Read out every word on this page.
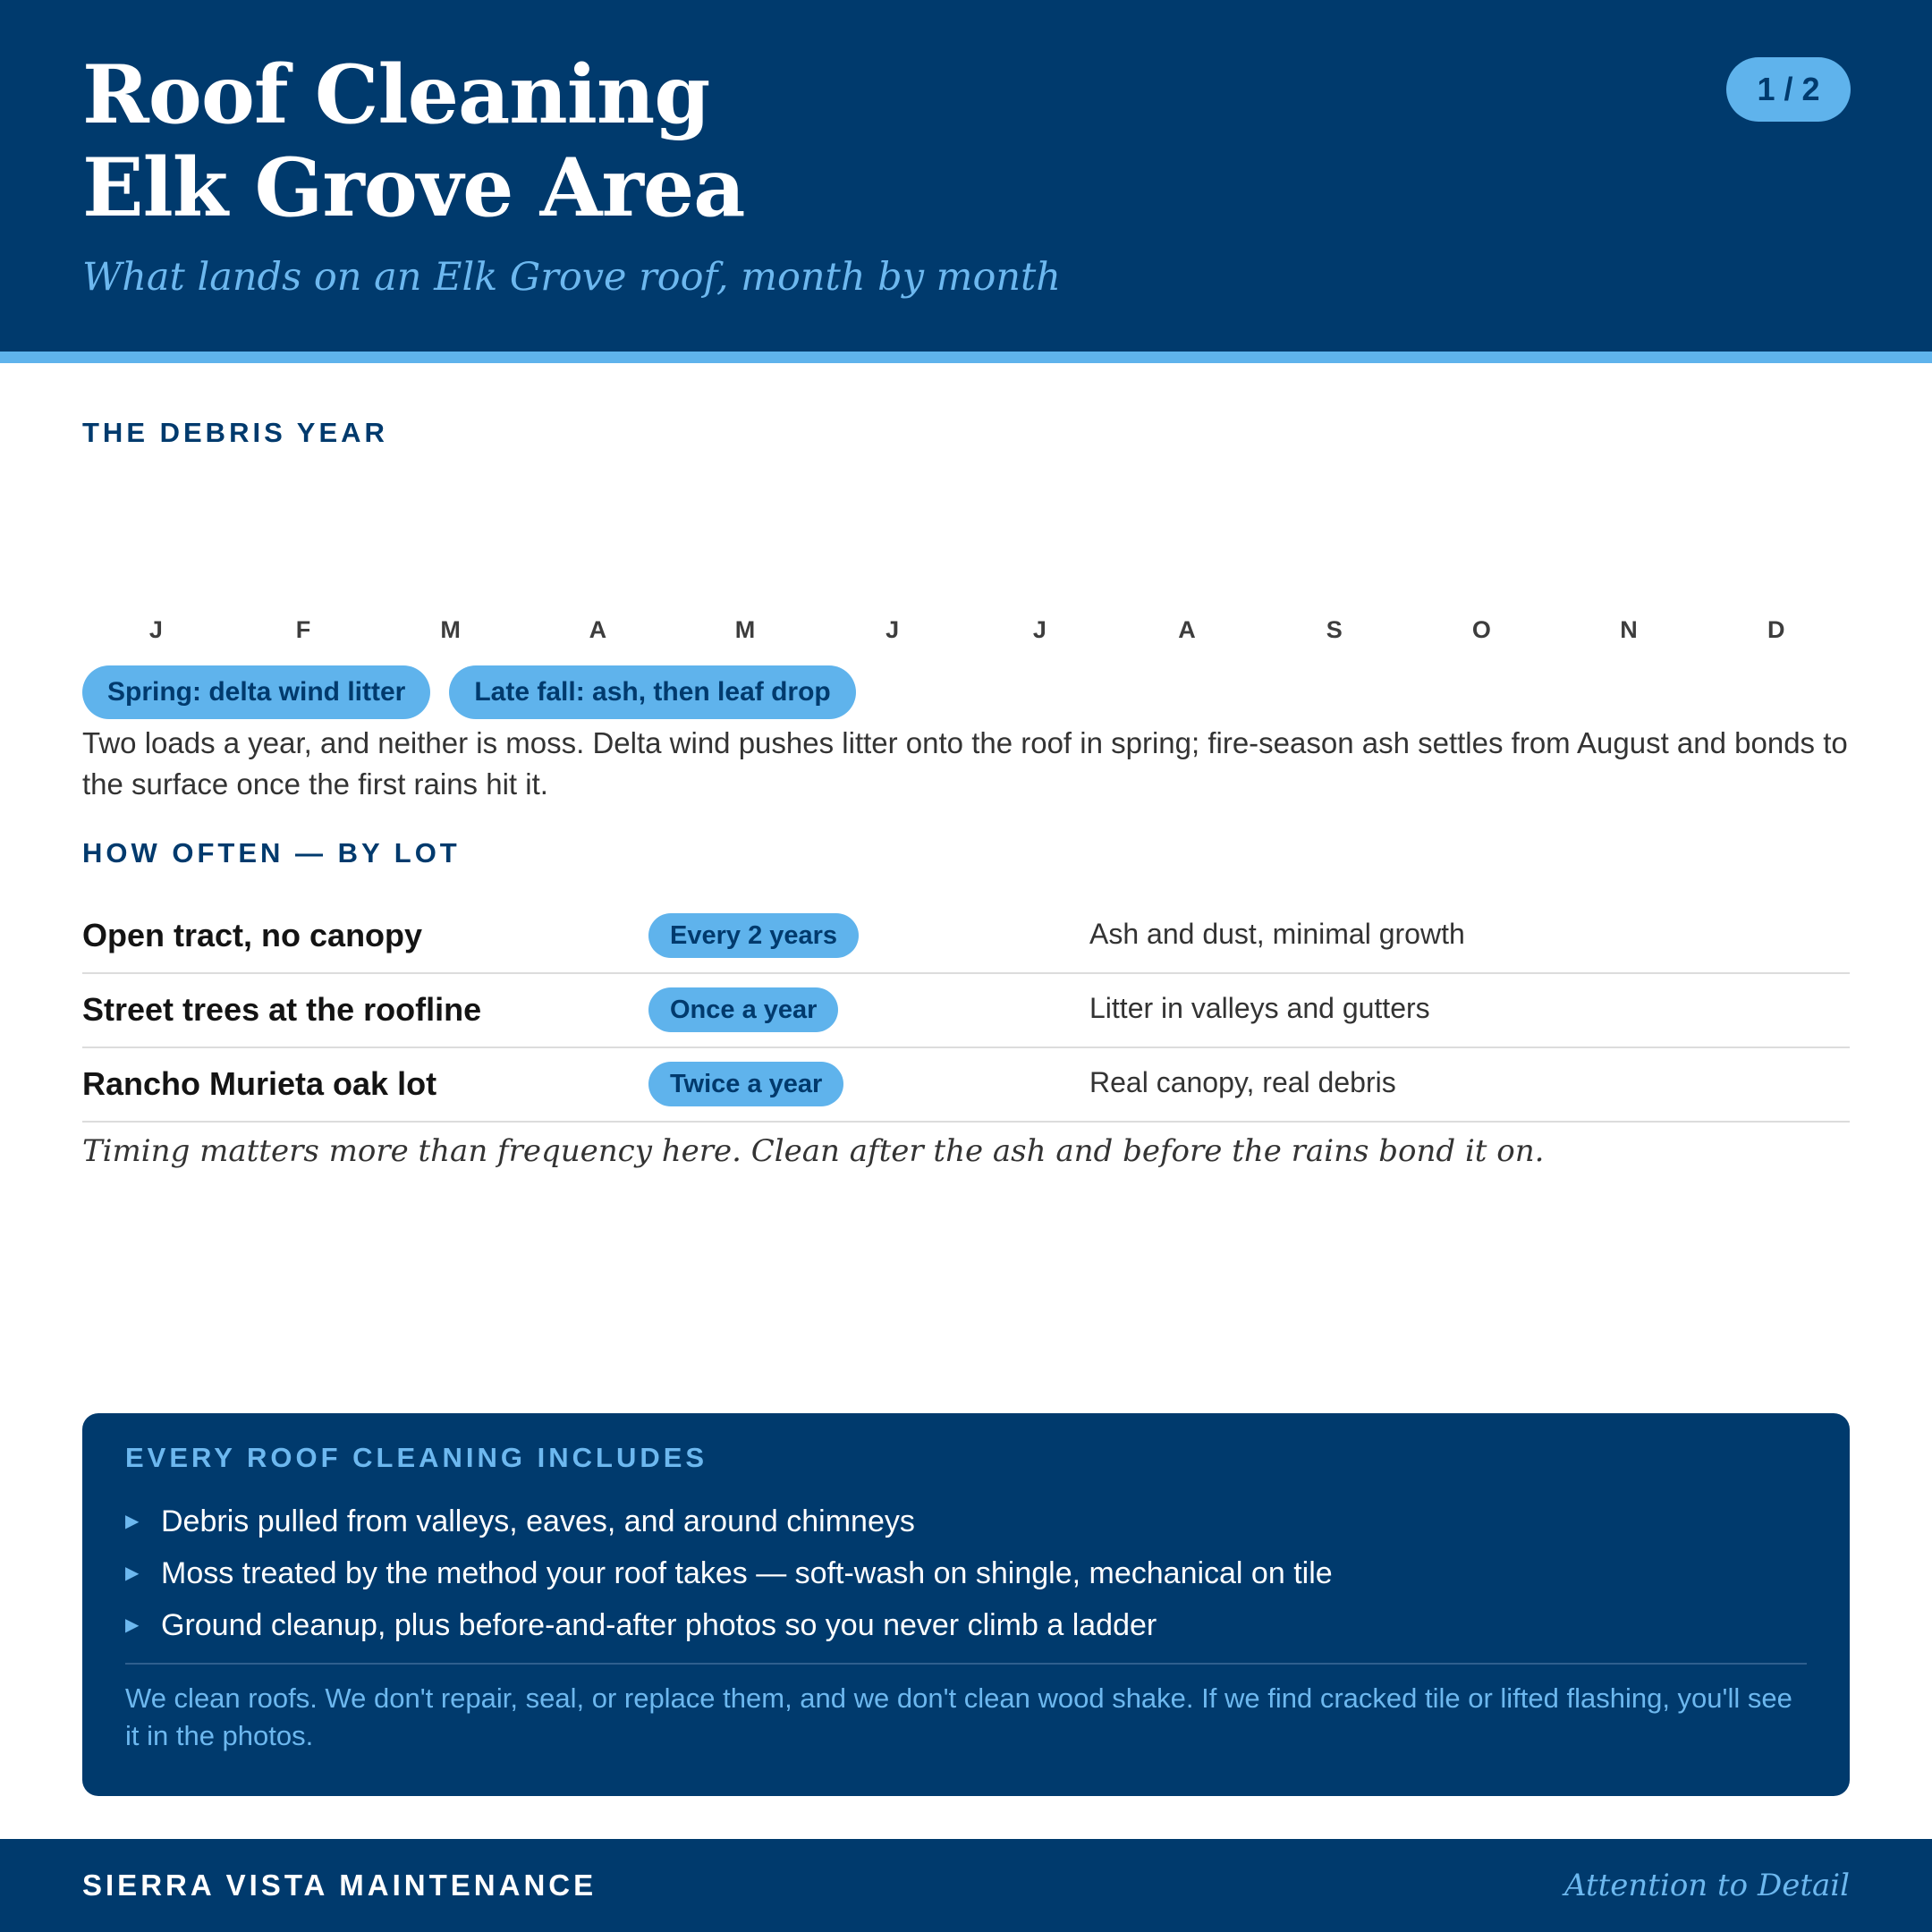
Roof Cleaning
Elk Grove Area
What lands on an Elk Grove roof, month by month
1 / 2
THE DEBRIS YEAR
J	F	M	A	M	J	J	A	S	O	N	D
Spring: delta wind litter	Late fall: ash, then leaf drop

Two loads a year, and neither is moss. Delta wind pushes litter onto the roof in spring; fire-season ash settles from August and bonds to the surface once the first rains hit it.

HOW OFTEN — BY LOT
Open tract, no canopy	Every 2 years	Ash and dust, minimal growth
Street trees at the roofline	Once a year	Litter in valleys and gutters
Rancho Murieta oak lot	Twice a year	Real canopy, real debris
Timing matters more than frequency here. Clean after the ash and before the rains bond it on.
EVERY ROOF CLEANING INCLUDES
▶ Debris pulled from valleys, eaves, and around chimneys
▶ Moss treated by the method your roof takes — soft-wash on shingle, mechanical on tile
▶ Ground cleanup, plus before-and-after photos so you never climb a ladder

We clean roofs. We don't repair, seal, or replace them, and we don't clean wood shake. If we find cracked tile or lifted flashing, you'll see it in the photos.

SIERRA VISTA MAINTENANCE	Attention to Detail
